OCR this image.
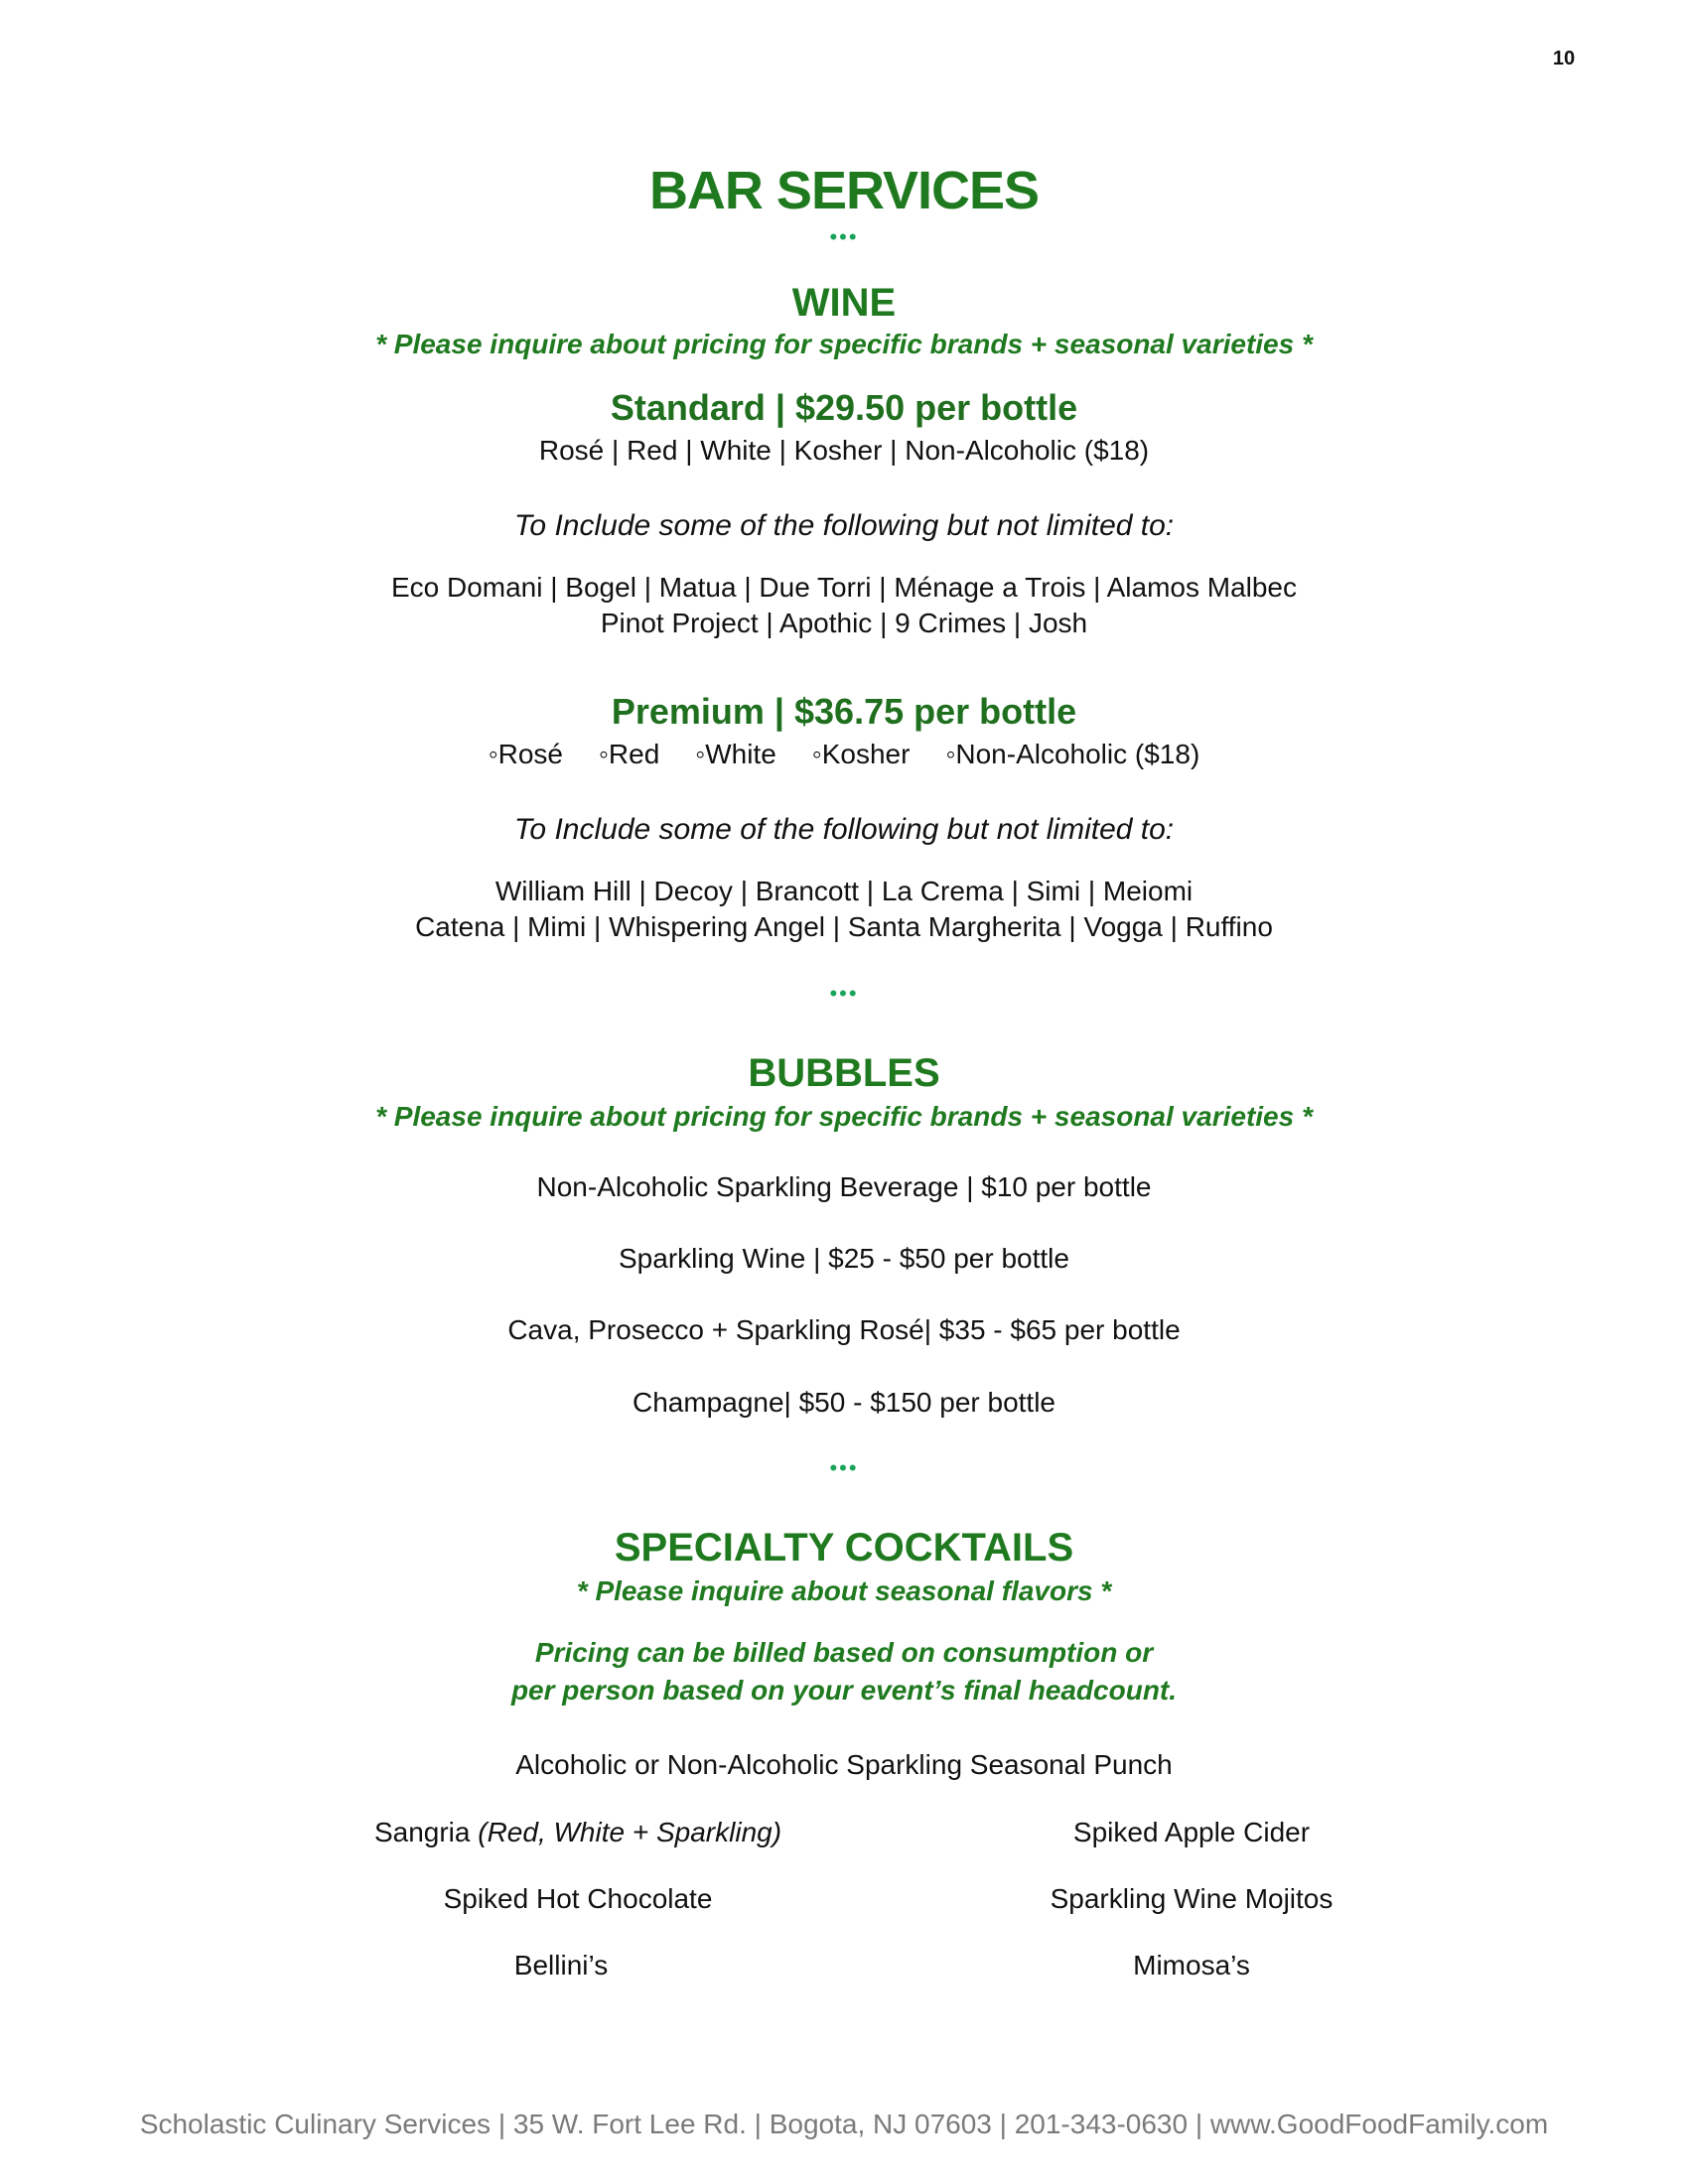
10
BAR SERVICES
•••
WINE
* Please inquire about pricing for specific brands + seasonal varieties *
Standard | $29.50 per bottle
Rosé | Red | White | Kosher | Non-Alcoholic ($18)
To Include some of the following but not limited to:
Eco Domani | Bogel | Matua | Due Torri | Ménage a Trois | Alamos Malbec
Pinot Project | Apothic | 9 Crimes | Josh
Premium | $36.75 per bottle
◦Rosé ◦Red ◦White ◦Kosher ◦Non-Alcoholic ($18)
To Include some of the following but not limited to:
William Hill | Decoy | Brancott | La Crema | Simi | Meiomi
Catena | Mimi | Whispering Angel | Santa Margherita | Vogga | Ruffino
•••
BUBBLES
* Please inquire about pricing for specific brands + seasonal varieties *
Non-Alcoholic Sparkling Beverage | $10 per bottle
Sparkling Wine | $25 - $50 per bottle
Cava, Prosecco + Sparkling Rosé| $35 - $65 per bottle
Champagne| $50 - $150 per bottle
•••
SPECIALTY COCKTAILS
* Please inquire about seasonal flavors *
Pricing can be billed based on consumption or
per person based on your event’s final headcount.
Alcoholic or Non-Alcoholic Sparkling Seasonal Punch
Sangria (Red, White + Sparkling)	Spiked Apple Cider
Spiked Hot Chocolate	Sparkling Wine Mojitos
Bellini’s	Mimosa’s
Scholastic Culinary Services | 35 W. Fort Lee Rd. | Bogota, NJ 07603 | 201-343-0630 | www.GoodFoodFamily.com
